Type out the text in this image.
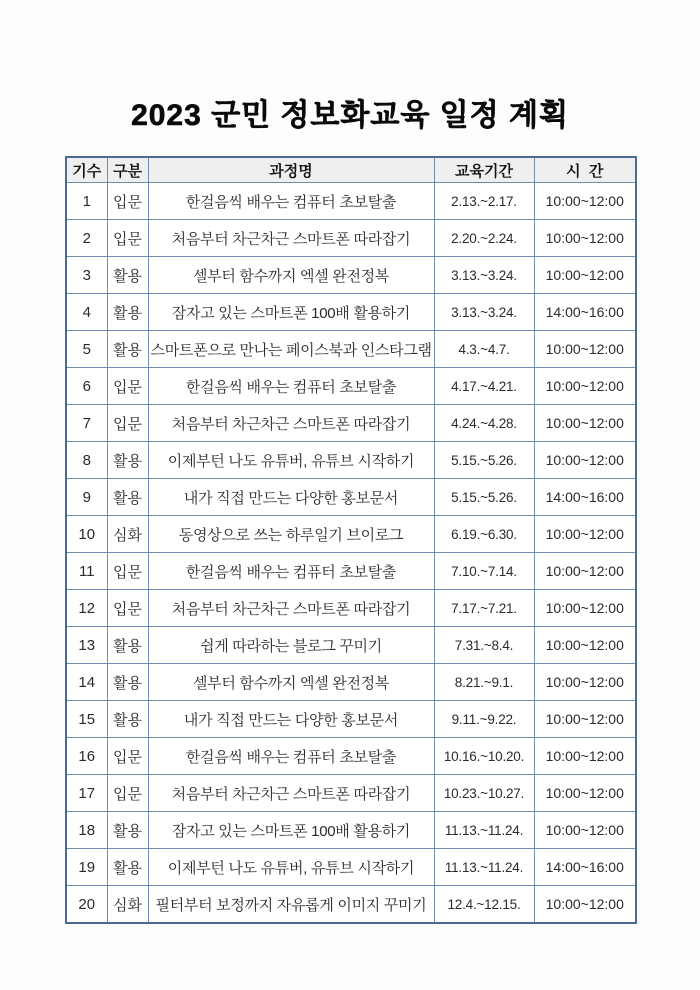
2023 군민 정보화교육 일정 계획
기수	구분	과정명	교육기간	시  간
1	입문	한걸음씩 배우는 컴퓨터 초보탈출	2.13.~2.17.	10:00~12:00
2	입문	처음부터 차근차근 스마트폰 따라잡기	2.20.~2.24.	10:00~12:00
3	활용	셀부터 함수까지 엑셀 완전정복	3.13.~3.24.	10:00~12:00
4	활용	잠자고 있는 스마트폰 100배 활용하기	3.13.~3.24.	14:00~16:00
5	활용	스마트폰으로 만나는 페이스북과 인스타그램	4.3.~4.7.	10:00~12:00
6	입문	한걸음씩 배우는 컴퓨터 초보탈출	4.17.~4.21.	10:00~12:00
7	입문	처음부터 차근차근 스마트폰 따라잡기	4.24.~4.28.	10:00~12:00
8	활용	이제부턴 나도 유튜버, 유튜브 시작하기	5.15.~5.26.	10:00~12:00
9	활용	내가 직접 만드는 다양한 홍보문서	5.15.~5.26.	14:00~16:00
10	심화	동영상으로 쓰는 하루일기 브이로그	6.19.~6.30.	10:00~12:00
11	입문	한걸음씩 배우는 컴퓨터 초보탈출	7.10.~7.14.	10:00~12:00
12	입문	처음부터 차근차근 스마트폰 따라잡기	7.17.~7.21.	10:00~12:00
13	활용	쉽게 따라하는 블로그 꾸미기	7.31.~8.4.	10:00~12:00
14	활용	셀부터 함수까지 엑셀 완전정복	8.21.~9.1.	10:00~12:00
15	활용	내가 직접 만드는 다양한 홍보문서	9.11.~9.22.	10:00~12:00
16	입문	한걸음씩 배우는 컴퓨터 초보탈출	10.16.~10.20.	10:00~12:00
17	입문	처음부터 차근차근 스마트폰 따라잡기	10.23.~10.27.	10:00~12:00
18	활용	잠자고 있는 스마트폰 100배 활용하기	11.13.~11.24.	10:00~12:00
19	활용	이제부턴 나도 유튜버, 유튜브 시작하기	11.13.~11.24.	14:00~16:00
20	심화	필터부터 보정까지 자유롭게 이미지 꾸미기	12.4.~12.15.	10:00~12:00
